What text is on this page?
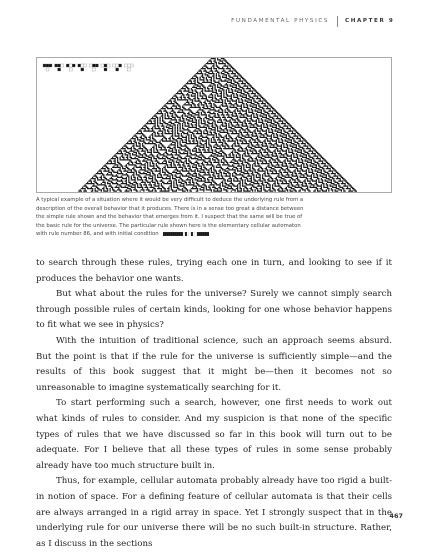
FUNDAMENTAL PHYSICS	CHAPTER 9
A typical example of a situation where it would be very difficult to deduce the underlying rule from a
description of the overall behavior that it produces. There is in a sense too great a distance between
the simple rule shown and the behavior that emerges from it. I suspect that the same will be true of
the basic rule for the universe. The particular rule shown here is the elementary cellular automaton
with rule number 86, and with initial condition

to search through these rules, trying each one in turn, and looking to see if it produces the behavior one wants.

But what about the rules for the universe? Surely we cannot simply search through possible rules of certain kinds, looking for one whose behavior happens to fit what we see in physics?

With the intuition of traditional science, such an approach seems absurd. But the point is that if the rule for the universe is sufficiently simple—and the results of this book suggest that it might be—then it becomes not so unreasonable to imagine systematically searching for it.

To start performing such a search, however, one first needs to work out what kinds of rules to consider. And my suspicion is that none of the specific types of rules that we have discussed so far in this book will turn out to be adequate. For I believe that all these types of rules in some sense probably already have too much structure built in.

Thus, for example, cellular automata probably already have too rigid a built-in notion of space. For a defining feature of cellular automata is that their cells are always arranged in a rigid array in space. Yet I strongly suspect that in the underlying rule for our universe there will be no such built-in structure. Rather, as I discuss in the sections

467
